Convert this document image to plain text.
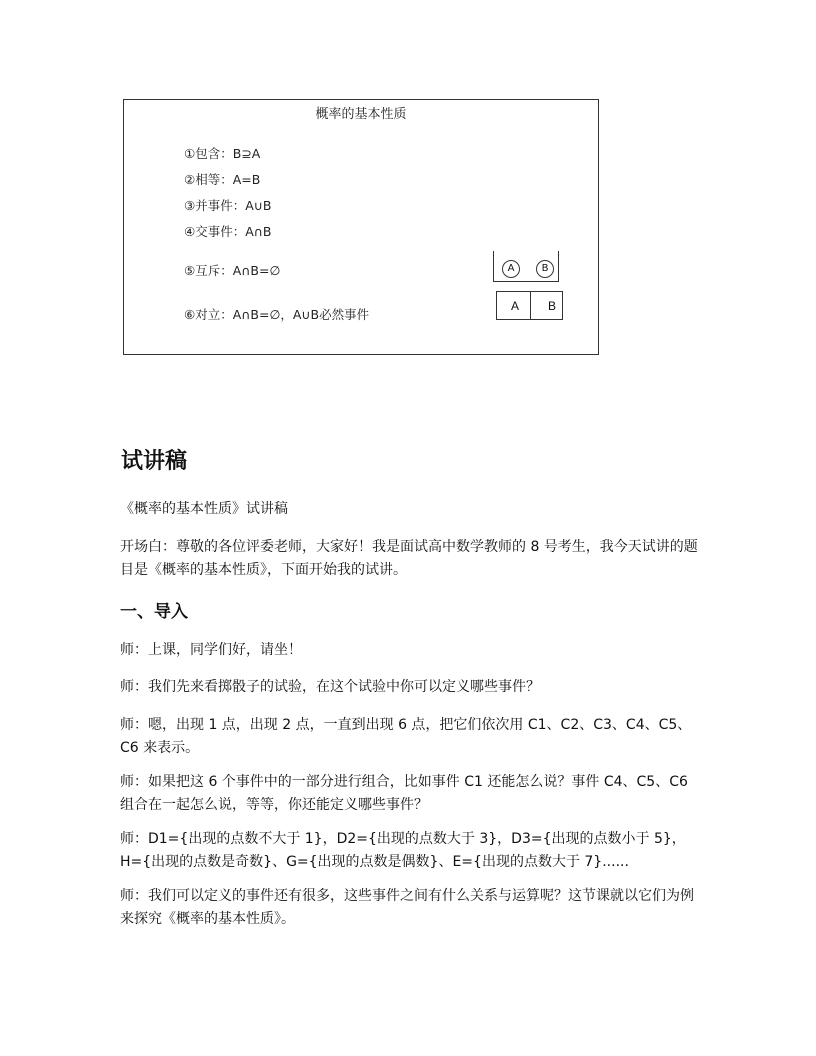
概率的基本性质
①包含：B⊇A
②相等：A=B
③并事件：A∪B
④交事件：A∩B
⑤互斥：A∩B=∅
⑥对立：A∩B=∅，A∪B必然事件
A	B
A B
试讲稿

《概率的基本性质》试讲稿

开场白：尊敬的各位评委老师，大家好！我是面试高中数学教师的 8 号考生，我今天试讲的题目是《概率的基本性质》，下面开始我的试讲。

一、导入

师：上课，同学们好，请坐！

师：我们先来看掷骰子的试验，在这个试验中你可以定义哪些事件？

师：嗯，出现 1 点，出现 2 点，一直到出现 6 点，把它们依次用 C1、C2、C3、C4、C5、C6 来表示。

师：如果把这 6 个事件中的一部分进行组合，比如事件 C1 还能怎么说？事件 C4、C5、C6 组合在一起怎么说，等等，你还能定义哪些事件？

师：D1={出现的点数不大于 1}，D2={出现的点数大于 3}，D3={出现的点数小于 5}，H={出现的点数是奇数}、G={出现的点数是偶数}、E={出现的点数大于 7}......

师：我们可以定义的事件还有很多，这些事件之间有什么关系与运算呢？这节课就以它们为例来探究《概率的基本性质》。
